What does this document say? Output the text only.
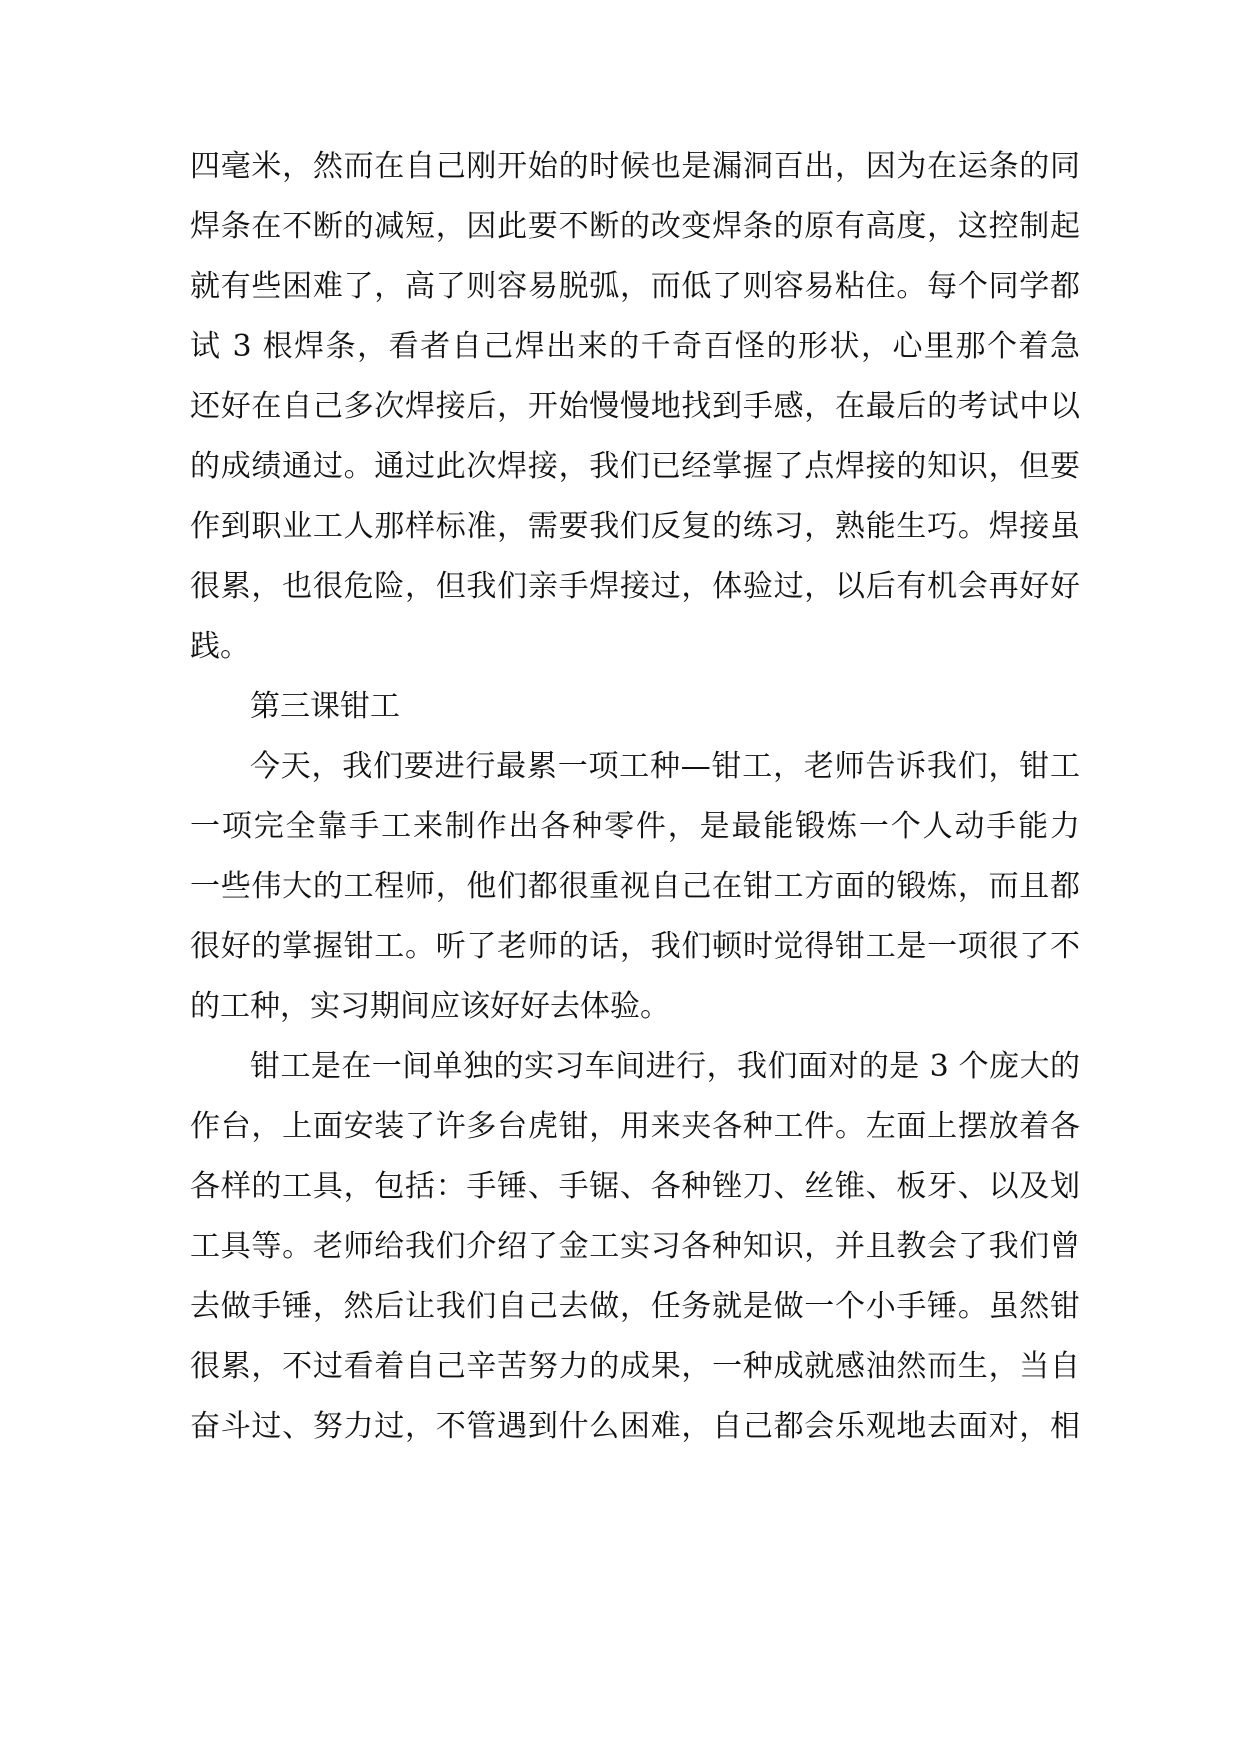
四毫米，然而在自己刚开始的时候也是漏洞百出，因为在运条的同
焊条在不断的减短，因此要不断的改变焊条的原有高度，这控制起
就有些困难了，高了则容易脱弧，而低了则容易粘住。每个同学都
试 3 根焊条，看者自己焊出来的千奇百怪的形状，心里那个着急
还好在自己多次焊接后，开始慢慢地找到手感，在最后的考试中以
的成绩通过。通过此次焊接，我们已经掌握了点焊接的知识，但要
作到职业工人那样标准，需要我们反复的练习，熟能生巧。焊接虽
很累，也很危险，但我们亲手焊接过，体验过，以后有机会再好好
践。
第三课钳工
今天，我们要进行最累一项工种—钳工，老师告诉我们，钳工
一项完全靠手工来制作出各种零件，是最能锻炼一个人动手能力
一些伟大的工程师，他们都很重视自己在钳工方面的锻炼，而且都
很好的掌握钳工。听了老师的话，我们顿时觉得钳工是一项很了不
的工种，实习期间应该好好去体验。
钳工是在一间单独的实习车间进行，我们面对的是 3 个庞大的
作台，上面安装了许多台虎钳，用来夹各种工件。左面上摆放着各
各样的工具，包括：手锤、手锯、各种锉刀、丝锥、板牙、以及划
工具等。老师给我们介绍了金工实习各种知识，并且教会了我们曾
去做手锤，然后让我们自己去做，任务就是做一个小手锤。虽然钳
很累，不过看着自己辛苦努力的成果，一种成就感油然而生，当自
奋斗过、努力过，不管遇到什么困难，自己都会乐观地去面对，相
